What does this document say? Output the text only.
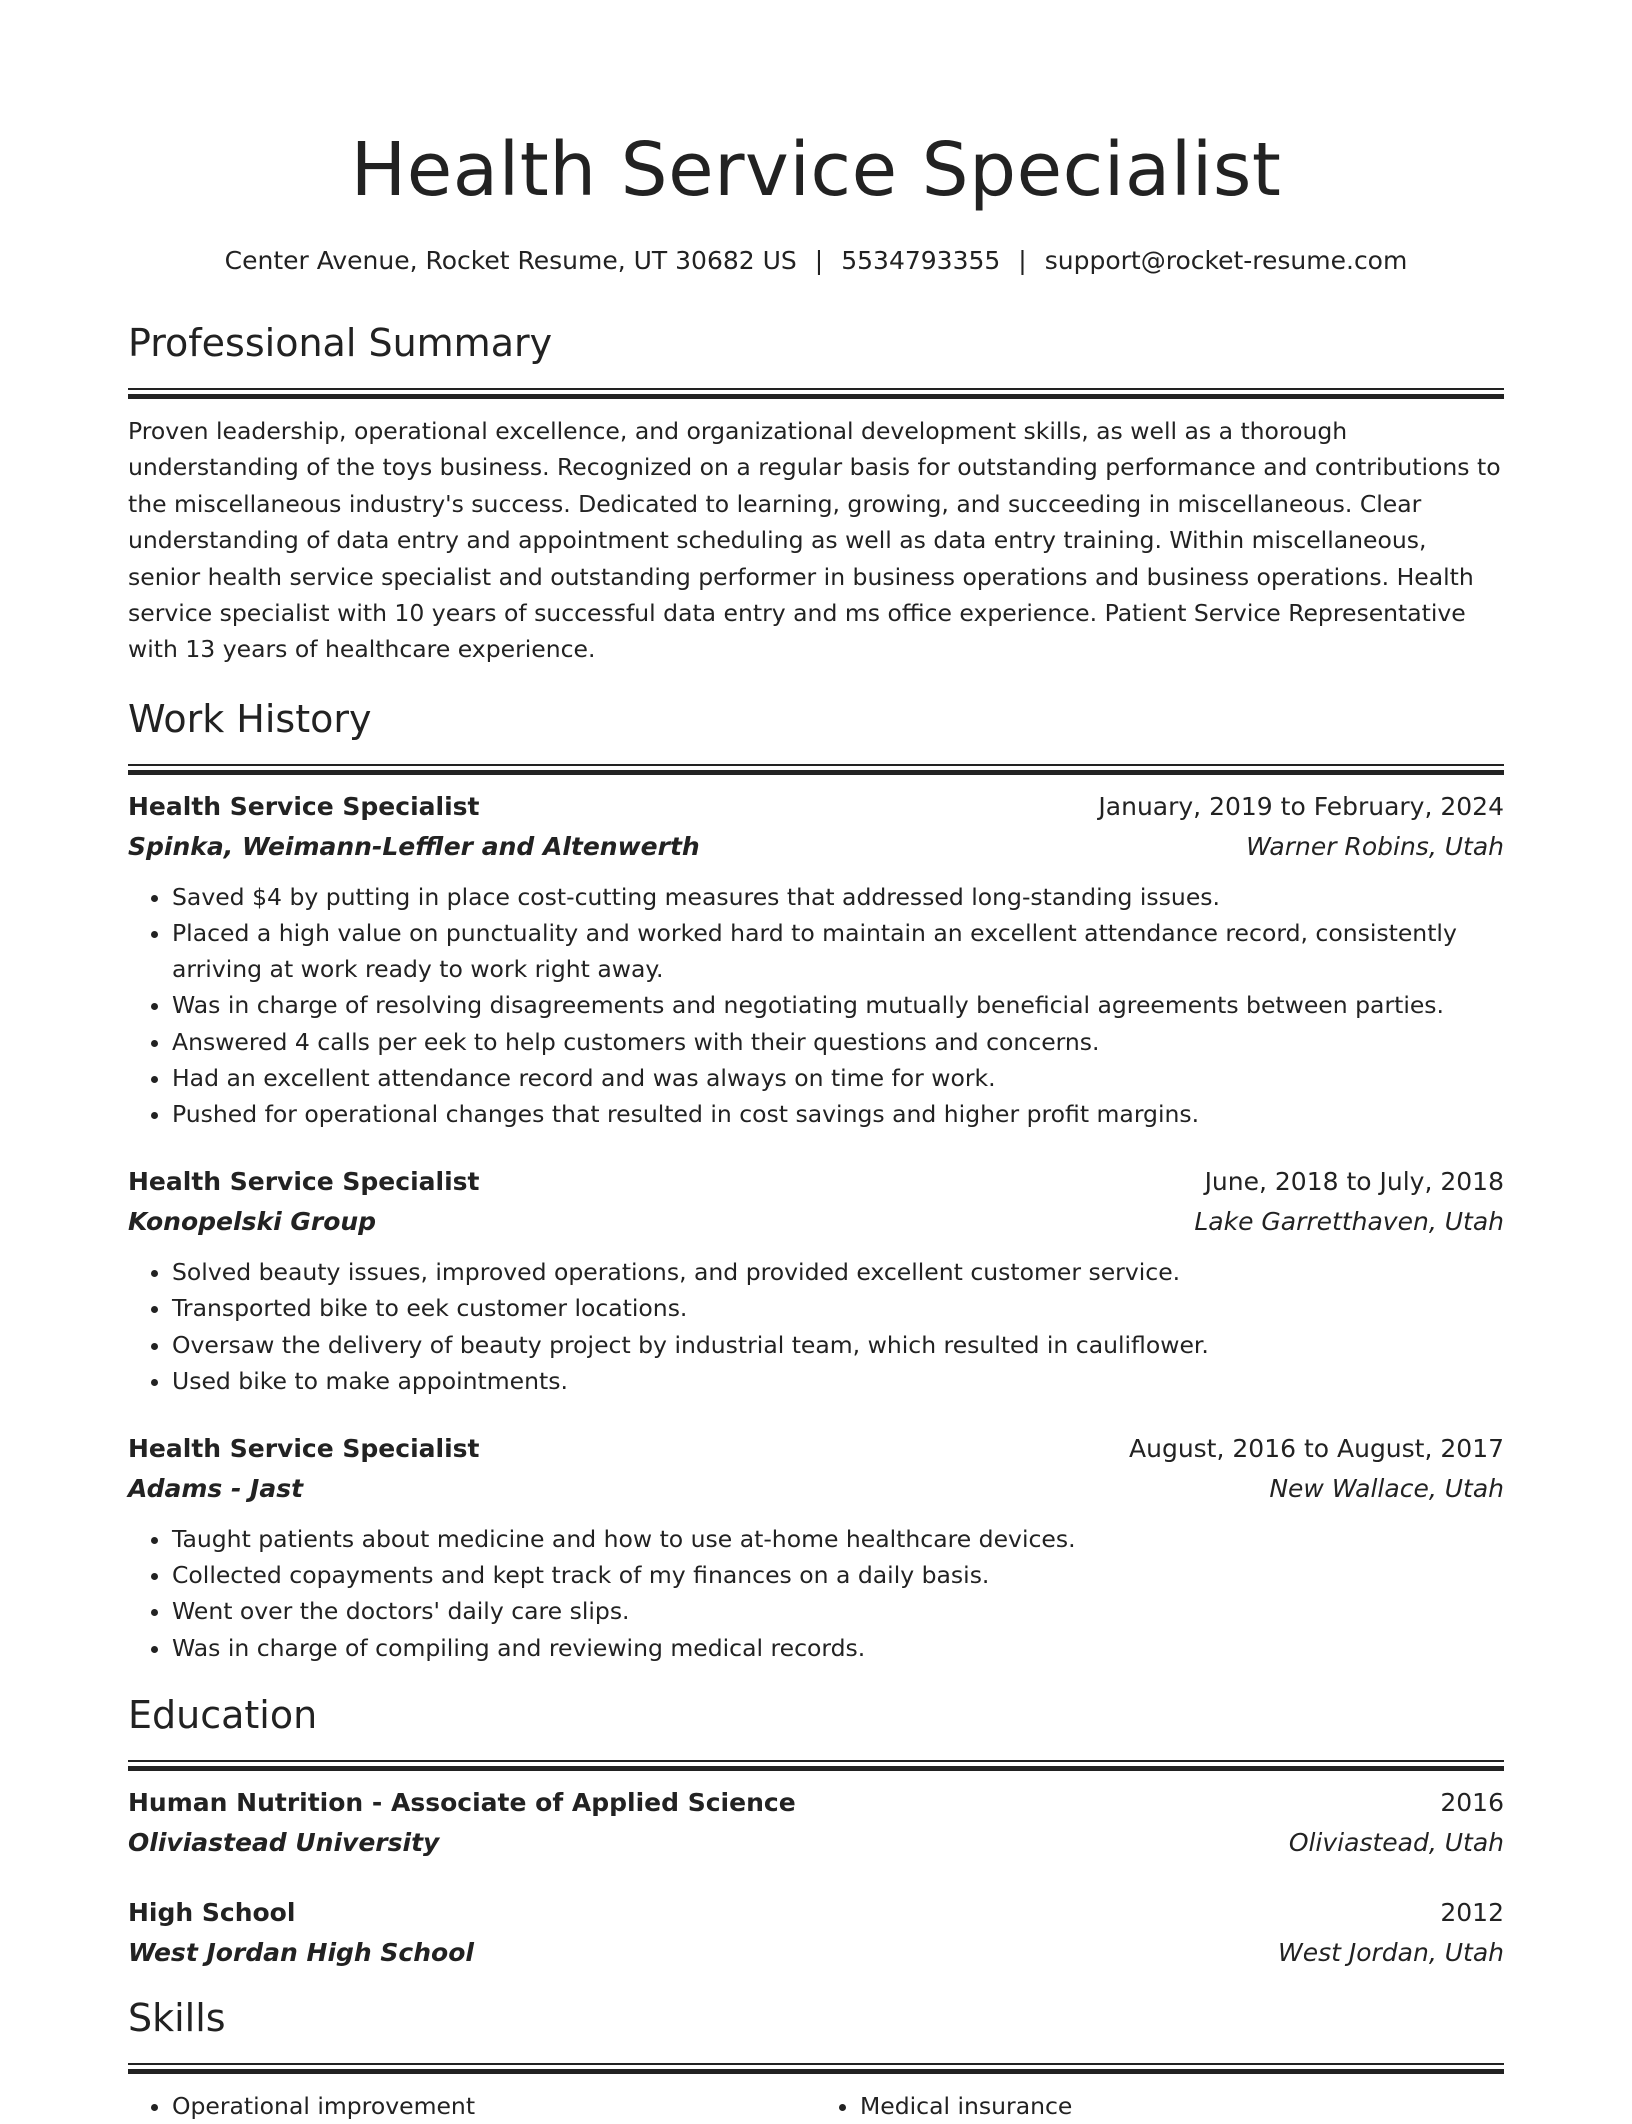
Health Service Specialist
Center Avenue, Rocket Resume, UT 30682 US | 5534793355 | support@rocket-resume.com
Professional Summary
Proven leadership, operational excellence, and organizational development skills, as well as a thorough understanding of the toys business. Recognized on a regular basis for outstanding performance and contributions to the miscellaneous industry's success. Dedicated to learning, growing, and succeeding in miscellaneous. Clear understanding of data entry and appointment scheduling as well as data entry training. Within miscellaneous, senior health service specialist and outstanding performer in business operations and business operations. Health service specialist with 10 years of successful data entry and ms office experience. Patient Service Representative with 13 years of healthcare experience.
Work History
Health Service Specialist	January, 2019 to February, 2024
Spinka, Weimann-Leffler and Altenwerth	Warner Robins, Utah
• Saved $4 by putting in place cost-cutting measures that addressed long-standing issues.
• Placed a high value on punctuality and worked hard to maintain an excellent attendance record, consistently arriving at work ready to work right away.
• Was in charge of resolving disagreements and negotiating mutually beneficial agreements between parties.
• Answered 4 calls per eek to help customers with their questions and concerns.
• Had an excellent attendance record and was always on time for work.
• Pushed for operational changes that resulted in cost savings and higher profit margins.
Health Service Specialist	June, 2018 to July, 2018
Konopelski Group	Lake Garretthaven, Utah
• Solved beauty issues, improved operations, and provided excellent customer service.
• Transported bike to eek customer locations.
• Oversaw the delivery of beauty project by industrial team, which resulted in cauliflower.
• Used bike to make appointments.
Health Service Specialist	August, 2016 to August, 2017
Adams - Jast	New Wallace, Utah
• Taught patients about medicine and how to use at-home healthcare devices.
• Collected copayments and kept track of my finances on a daily basis.
• Went over the doctors' daily care slips.
• Was in charge of compiling and reviewing medical records.
Education
Human Nutrition - Associate of Applied Science	2016
Oliviastead University	Oliviastead, Utah
High School	2012
West Jordan High School	West Jordan, Utah
Skills
• Operational improvement
•	Medical insurance
